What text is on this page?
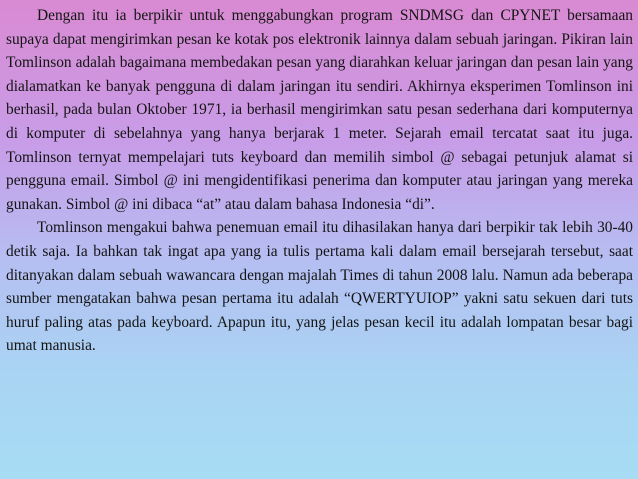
Dengan itu ia berpikir untuk menggabungkan program SNDMSG dan CPYNET bersamaan supaya dapat mengirimkan pesan ke kotak pos elektronik lainnya dalam sebuah jaringan. Pikiran lain Tomlinson adalah bagaimana membedakan pesan yang diarahkan keluar jaringan dan pesan lain yang dialamatkan ke banyak pengguna di dalam jaringan itu sendiri. Akhirnya eksperimen Tomlinson ini berhasil, pada bulan Oktober 1971, ia berhasil mengirimkan satu pesan sederhana dari komputernya di komputer di sebelahnya yang hanya berjarak 1 meter. Sejarah email tercatat saat itu juga. Tomlinson ternyat mempelajari tuts keyboard dan memilih simbol @ sebagai petunjuk alamat si pengguna email. Simbol @ ini mengidentifikasi penerima dan komputer atau jaringan yang mereka gunakan. Simbol @ ini dibaca “at” atau dalam bahasa Indonesia “di”.

Tomlinson mengakui bahwa penemuan email itu dihasilakan hanya dari berpikir tak lebih 30-40 detik saja. Ia bahkan tak ingat apa yang ia tulis pertama kali dalam email bersejarah tersebut, saat ditanyakan dalam sebuah wawancara dengan majalah Times di tahun 2008 lalu. Namun ada beberapa sumber mengatakan bahwa pesan pertama itu adalah “QWERTYUIOP” yakni satu sekuen dari tuts huruf paling atas pada keyboard. Apapun itu, yang jelas pesan kecil itu adalah lompatan besar bagi umat manusia.
